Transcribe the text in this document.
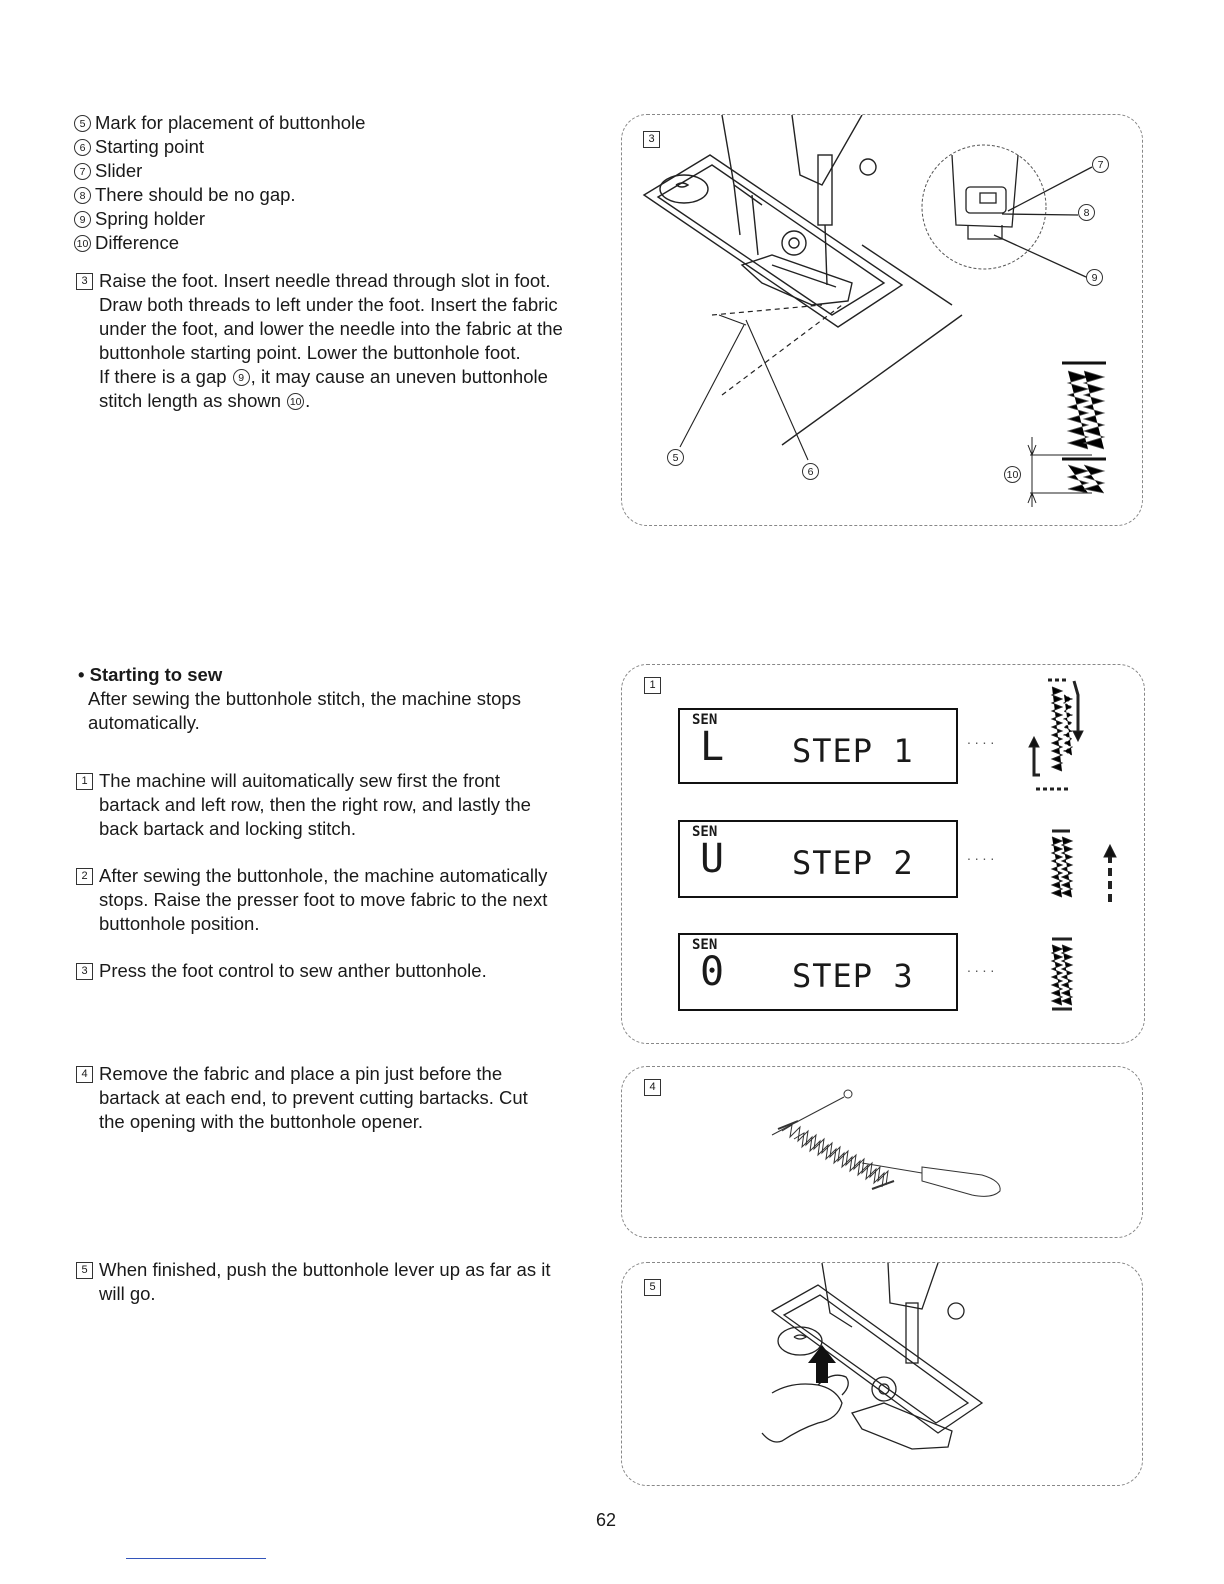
5 Mark for placement of buttonhole
6 Starting point
7 Slider
8 There should be no gap.
9 Spring holder
10 Difference
3 Raise the foot. Insert needle thread through slot in foot.
Draw both threads to left under the foot. Insert the fabric
under the foot, and lower the needle into the fabric at the
buttonhole starting point. Lower the buttonhole foot.
If there is a gap 9 , it may cause an uneven buttonhole
stitch length as shown 10 .

• Starting to sew

After sewing the buttonhole stitch, the machine stops
automatically.
1 The machine will auitomatically sew first the front
bartack and left row, then the right row, and lastly the
back bartack and locking stitch.
2 After sewing the buttonhole, the machine automatically
stops. Raise the presser foot to move fabric to the next
buttonhole position.
3 Press the foot control to sew anther buttonhole.
4 Remove the fabric and place a pin just before the
bartack at each end, to prevent cutting bartacks. Cut
the opening with the buttonhole opener.
5 When finished, push the buttonhole lever up as far as it
will go.
3
5
6
7
8
9
10
1
SEN
L STEP 1	. . . .
SEN
U STEP 2	. . . .
SEN
0 STEP 3	. . . .
4
5
62
